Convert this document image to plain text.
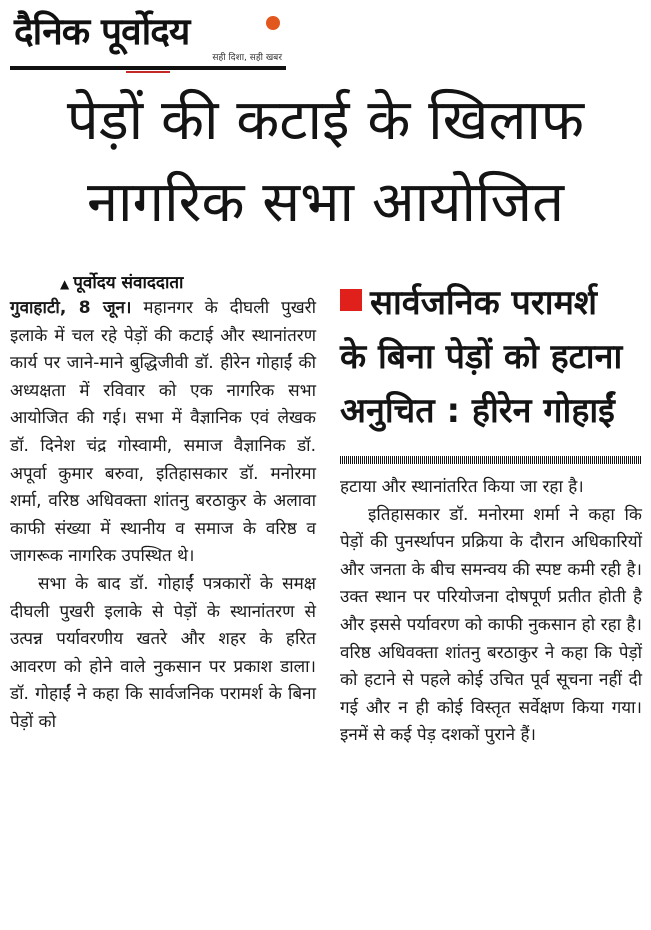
दैनिक पूर्वोदय
सही दिशा, सही खबर
पेड़ों की कटाई के खिलाफ
नागरिक सभा आयोजित
▲ पूर्वोदय संवाददाता

गुवाहाटी, 8 जून। महानगर के दीघली पुखरी इलाके में चल रहे पेड़ों की कटाई और स्थानांतरण कार्य पर जाने-माने बुद्धिजीवी डॉ. हीरेन गोहाईं की अध्यक्षता में रविवार को एक नागरिक सभा आयोजित की गई। सभा में वैज्ञानिक एवं लेखक डॉ. दिनेश चंद्र गोस्वामी, समाज वैज्ञानिक डॉ. अपूर्वा कुमार बरुवा, इतिहासकार डॉ. मनोरमा शर्मा, वरिष्ठ अधिवक्ता शांतनु बरठाकुर के अलावा काफी संख्या में स्थानीय व समाज के वरिष्ठ व जागरूक नागरिक उपस्थित थे।

सभा के बाद डॉ. गोहाईं पत्रकारों के समक्ष दीघली पुखरी इलाके से पेड़ों के स्थानांतरण से उत्पन्न पर्यावरणीय खतरे और शहर के हरित आवरण को होने वाले नुकसान पर प्रकाश डाला। डॉ. गोहाईं ने कहा कि सार्वजनिक परामर्श के बिना पेड़ों को

सार्वजनिक परामर्श
के बिना पेड़ों को हटाना
अनुचित : हीरेन गोहाईं

हटाया और स्थानांतरित किया जा रहा है।

इतिहासकार डॉ. मनोरमा शर्मा ने कहा कि पेड़ों की पुनर्स्थापन प्रक्रिया के दौरान अधिकारियों और जनता के बीच समन्वय की स्पष्ट कमी रही है। उक्त स्थान पर परियोजना दोषपूर्ण प्रतीत होती है और इससे पर्यावरण को काफी नुकसान हो रहा है। वरिष्ठ अधिवक्ता शांतनु बरठाकुर ने कहा कि पेड़ों को हटाने से पहले कोई उचित पूर्व सूचना नहीं दी गई और न ही कोई विस्तृत सर्वेक्षण किया गया। इनमें से कई पेड़ दशकों पुराने हैं।
